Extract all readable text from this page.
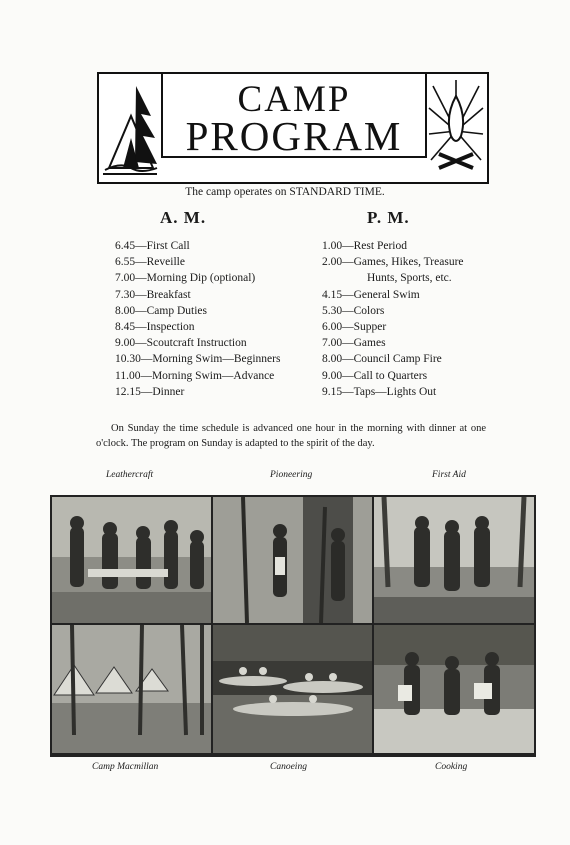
CAMP
PROGRAM
The camp operates on STANDARD TIME.
A. M.	P. M.
6.45—First Call
6.55—Reveille
7.00—Morning Dip (optional)
7.30—Breakfast
8.00—Camp Duties
8.45—Inspection
9.00—Scoutcraft Instruction
10.30—Morning Swim—Beginners
11.00—Morning Swim—Advance
12.15—Dinner
1.00—Rest Period
2.00—Games, Hikes, Treasure
Hunts, Sports, etc.
4.15—General Swim
5.30—Colors
6.00—Supper
7.00—Games
8.00—Council Camp Fire
9.00—Call to Quarters
9.15—Taps—Lights Out

On Sunday the time schedule is advanced one hour in the morning with dinner at one o'clock. The program on Sunday is adapted to the spirit of the day.

Leathercraft	Pioneering	First Aid
Camp Macmillan	Canoeing	Cooking
